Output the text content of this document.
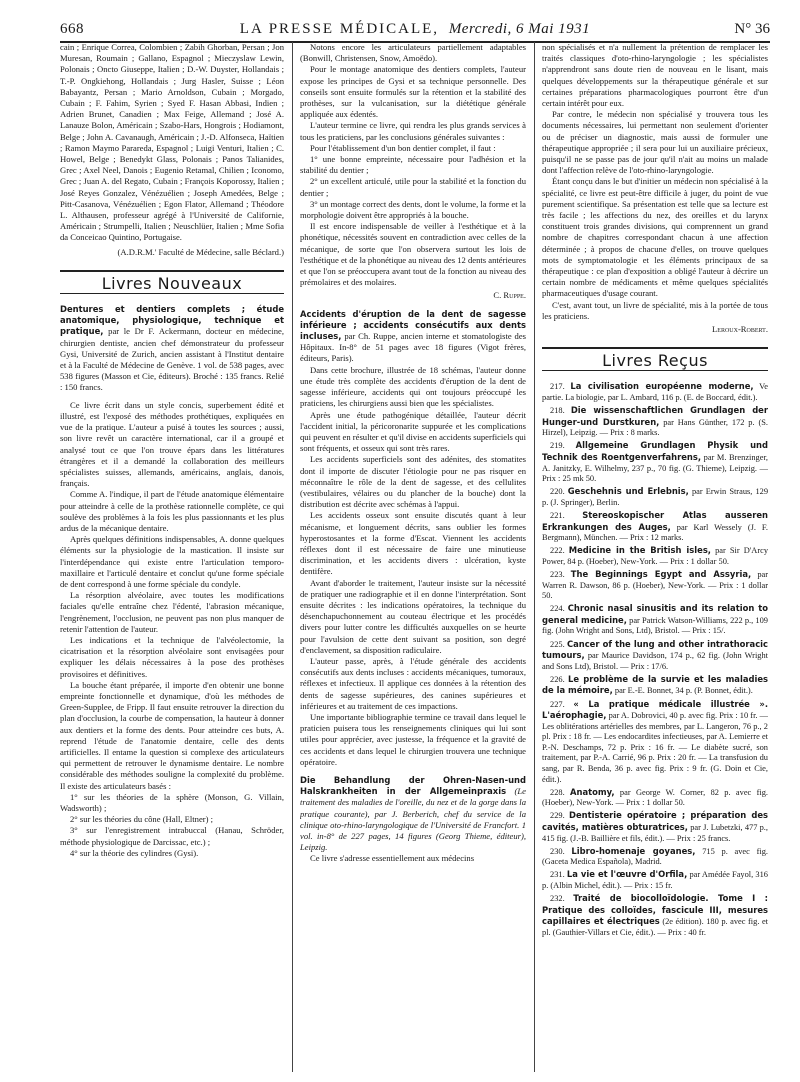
668	LA PRESSE MÉDICALE, Mercredi, 6 Mai 1931	N° 36

cain ; Enrique Correa, Colombien ; Zabih Ghorban, Persan ; Jon Muresan, Roumain ; Gallano, Espagnol ; Mieczyslaw Lewin, Polonais ; Oncto Giuseppe, Italien ; D.-W. Duyster, Hollandais ; T.-P. Ongkiehong, Hollandais ; Jurg Hasler, Suisse ; Léon Babayantz, Persan ; Mario Arnoldson, Cubain ; Morgado, Cubain ; F. Fahim, Syrien ; Syed F. Hasan Abbasi, Indien ; Adrien Brunet, Canadien ; Max Feige, Allemand ; José A. Lanauze Bolon, Américain ; Szabo-Hars, Hongrois ; Hodiamont, Belge ; John A. Cavanaugh, Américain ; J.-D. Alfonseca, Haïtien ; Ramon Maymo Parareda, Espagnol ; Luigi Venturi, Italien ; C. Howel, Belge ; Benedykt Glass, Polonais ; Panos Talianides, Grec ; Axel Neel, Danois ; Eugenio Retamal, Chilien ; Iconomo, Grec ; Juan A. del Regato, Cubain ; François Koporossy, Italien ; José Reyes Gonzalez, Vénézuélien ; Joseph Amedées, Belge ; Pitt-Casanova, Vénézuélien ; Egon Flator, Allemand ; Théodore L. Althausen, professeur agrégé à l'Université de Californie, Américain ; Strumpelli, Italien ; Neuschlüer, Italien ; Mme Sofia da Conceicao Quintino, Portugaise.

(A.D.R.M.' Faculté de Médecine, salle Béclard.)

Livres Nouveaux

Dentures et dentiers complets ; étude anatomique, physiologique, technique et pratique, par le Dr F. Ackermann, docteur en médecine, chirurgien dentiste, ancien chef démonstrateur du professeur Gysi, Université de Zurich, ancien assistant à l'Institut dentaire et à la Faculté de Médecine de Genève. 1 vol. de 538 pages, avec 538 figures (Masson et Cie, éditeurs). Broché : 135 francs. Relié : 150 francs.

Ce livre écrit dans un style concis, superbement édité et illustré, est l'exposé des méthodes prothétiques, expliquées en vue de la pratique. L'auteur a puisé à toutes les sources ; aussi, son livre revêt un caractère international, car il a groupé et analysé tout ce que l'on trouve épars dans les littératures étrangères et il a demandé la collaboration des meilleurs spécialistes suisses, allemands, américains, anglais, danois, français.

Comme A. l'indique, il part de l'étude anatomique élémentaire pour atteindre à celle de la prothèse rationnelle complète, ce qui soulève des problèmes à la fois les plus passionnants et les plus ardus de la mécanique dentaire.

Après quelques définitions indispensables, A. donne quelques éléments sur la physiologie de la mastication. Il insiste sur l'interdépendance qui existe entre l'articulation temporo-maxillaire et l'articulé dentaire et conclut qu'une forme spéciale de dent correspond à une forme spéciale du condyle.

La résorption alvéolaire, avec toutes les modifications faciales qu'elle entraîne chez l'édenté, l'abrasion mécanique, l'engrènement, l'occlusion, ne peuvent pas non plus manquer de retenir l'attention de l'auteur.

Les indications et la technique de l'alvéolectomie, la cicatrisation et la résorption alvéolaire sont envisagées pour expliquer les délais nécessaires à la pose des prothèses provisoires et définitives.

La bouche étant préparée, il importe d'en obtenir une bonne empreinte fonctionnelle et dynamique, d'où les méthodes de Green-Supplee, de Fripp. Il faut ensuite retrouver la direction du plan d'occlusion, la courbe de compensation, la hauteur à donner aux dentiers et la forme des dents. Pour atteindre ces buts, A. reprend l'étude de l'anatomie dentaire, celle des dents artificielles. Il entame la question si complexe des articulateurs qui permettent de retrouver le dynamisme dentaire. Le nombre considérable des méthodes souligne la complexité du problème. Il existe des articulateurs basés :

1° sur les théories de la sphère (Monson, G. Villain, Wadsworth) ;

2° sur les théories du cône (Hall, Eltner) ;

3° sur l'enregistrement intrabuccal (Hanau, Schröder, méthode physiologique de Darcissac, etc.) ;

4° sur la théorie des cylindres (Gysi).

Notons encore les articulateurs partiellement adaptables (Bonwill, Christensen, Snow, Amoëdo).

Pour le montage anatomique des dentiers complets, l'auteur expose les principes de Gysi et sa technique personnelle. Des conseils sont ensuite formulés sur la rétention et la stabilité des prothèses, sur la vulcanisation, sur la diététique générale appliquée aux édentés.

L'auteur termine ce livre, qui rendra les plus grands services à tous les praticiens, par les conclusions générales suivantes :

Pour l'établissement d'un bon dentier complet, il faut :

1° une bonne empreinte, nécessaire pour l'adhésion et la stabilité du dentier ;

2° un excellent articulé, utile pour la stabilité et la fonction du dentier ;

3° un montage correct des dents, dont le volume, la forme et la morphologie doivent être appropriés à la bouche.

Il est encore indispensable de veiller à l'esthétique et à la phonétique, nécessités souvent en contradiction avec celles de la mécanique, de sorte que l'on observera surtout les lois de l'esthétique et de la phonétique au niveau des 12 dents antérieures et que l'on se préoccupera avant tout de la fonction au niveau des prémolaires et des molaires.

C. Ruppe.

Accidents d'éruption de la dent de sagesse inférieure ; accidents consécutifs aux dents incluses, par Ch. Ruppe, ancien interne et stomatologiste des Hôpitaux. In-8° de 51 pages avec 18 figures (Vigot frères, éditeurs, Paris).

Dans cette brochure, illustrée de 18 schémas, l'auteur donne une étude très complète des accidents d'éruption de la dent de sagesse inférieure, accidents qui ont toujours préoccupé les praticiens, les chirurgiens aussi bien que les spécialistes.

Après une étude pathogénique détaillée, l'auteur décrit l'accident initial, la péricoronarite suppurée et les complications qui peuvent en résulter et qu'il divise en accidents superficiels qui sont fréquents, et osseux qui sont très rares.

Les accidents superficiels sont des adénites, des stomatites dont il importe de discuter l'étiologie pour ne pas risquer en méconnaître le rôle de la dent de sagesse, et des cellulites (vestibulaires, vélaires ou du plancher de la bouche) dont la distribution est décrite avec schémas à l'appui.

Les accidents osseux sont ensuite discutés quant à leur mécanisme, et longuement décrits, sans oublier les formes hyperostosantes et la forme d'Escat. Viennent les accidents réflexes dont il est nécessaire de faire une minutieuse discrimination, et les accidents divers : ulcération, kyste dentifère.

Avant d'aborder le traitement, l'auteur insiste sur la nécessité de pratiquer une radiographie et il en donne l'interprétation. Sont ensuite décrites : les indications opératoires, la technique du désenchapuchonnement au couteau électrique et les procédés divers pour lutter contre les difficultés auxquelles on se heurte pour l'avulsion de cette dent suivant sa position, son degré d'enclavement, sa disposition radiculaire.

L'auteur passe, après, à l'étude générale des accidents consécutifs aux dents incluses : accidents mécaniques, tumoraux, réflexes et infectieux. Il applique ces données à la rétention des dents de sagesse supérieures, des canines supérieures et inférieures et au traitement de ces impactions.

Une importante bibliographie termine ce travail dans lequel le praticien puisera tous les renseignements cliniques qui lui sont utiles pour apprécier, avec justesse, la fréquence et la gravité de ces accidents et dans lequel le chirurgien trouvera une technique opératoire.

Die Behandlung der Ohren-Nasen-und Halskrankheiten in der Allgemeinpraxis (Le traitement des maladies de l'oreille, du nez et de la gorge dans la pratique courante), par J. Berberich, chef du service de la clinique oto-rhino-laryngologique de l'Université de Francfort. 1 vol. in-8° de 227 pages, 14 figures (Georg Thieme, éditeur), Leipzig.

Ce livre s'adresse essentiellement aux médecins

non spécialisés et n'a nullement la prétention de remplacer les traités classiques d'oto-rhino-laryngologie ; les spécialistes n'apprendront sans doute rien de nouveau en le lisant, mais quelques développements sur la thérapeutique générale et sur certaines préparations pharmacologiques pourront être d'un certain intérêt pour eux.

Par contre, le médecin non spécialisé y trouvera tous les documents nécessaires, lui permettant non seulement d'orienter ou de préciser un diagnostic, mais aussi de formuler une thérapeutique appropriée ; il sera pour lui un auxiliaire précieux, puisqu'il ne se passe pas de jour qu'il n'ait au moins un malade dont l'affection relève de l'oto-rhino-laryngologie.

Étant conçu dans le but d'initier un médecin non spécialisé à la spécialité, ce livre est peut-être difficile à juger, du point de vue purement scientifique. Sa présentation est telle que sa lecture est très facile ; les affections du nez, des oreilles et du larynx constituent trois grandes divisions, qui comprennent un grand nombre de chapitres correspondant chacun à une affection déterminée ; à propos de chacune d'elles, on trouve quelques mots de symptomatologie et les éléments principaux de sa thérapeutique : ce plan d'exposition a obligé l'auteur à décrire un certain nombre de médicaments et même quelques spécialités pharmaceutiques d'usage courant.

C'est, avant tout, un livre de spécialité, mis à la portée de tous les praticiens.

Leroux-Robert.

Livres Reçus
217. La civilisation européenne moderne, Ve partie. La biologie, par L. Ambard, 116 p. (E. de Boccard, édit.).
218. Die wissenschaftlichen Grundlagen der Hunger-und Durstkuren, par Hans Günther, 172 p. (S. Hirzel), Leipzig. — Prix : 8 marks.
219. Allgemeine Grundlagen Physik und Technik des Roentgenverfahrens, par M. Brenzinger, A. Janitzky, E. Wilhelmy, 237 p., 70 fig. (G. Thieme), Leipzig. — Prix : 25 mk 50.
220. Geschehnis und Erlebnis, par Erwin Straus, 129 p. (J. Springer), Berlin.
221. Stereoskopischer Atlas ausseren Erkrankungen des Auges, par Karl Wessely (J. F. Bergmann), München. — Prix : 12 marks.
222. Medicine in the British isles, par Sir D'Arcy Power, 84 p. (Hoeber), New-York. — Prix : 1 dollar 50.
223. The Beginnings Egypt and Assyria, par Warren R. Dawson, 86 p. (Hoeber), New-York. — Prix : 1 dollar 50.
224. Chronic nasal sinusitis and its relation to general medicine, par Patrick Watson-Williams, 222 p., 109 fig. (John Wright and Sons, Ltd), Bristol. — Prix : 15/.
225. Cancer of the lung and other intrathoracic tumours, par Maurice Davidson, 174 p., 62 fig. (John Wright and Sons Ltd), Bristol. — Prix : 17/6.
226. Le problème de la survie et les maladies de la mémoire, par E.-E. Bonnet, 34 p. (P. Bonnet, édit.).
227. « La pratique médicale illustrée ». L'aérophagie, par A. Dobrovici, 40 p. avec fig. Prix : 10 fr. — Les oblitérations artérielles des membres, par L. Langeron, 76 p., 2 pl. Prix : 18 fr. — Les endocardites infectieuses, par A. Lemierre et P.-N. Deschamps, 72 p. Prix : 16 fr. — Le diabète sucré, son traitement, par P.-A. Carrié, 96 p. Prix : 20 fr. — La transfusion du sang, par R. Benda, 36 p. avec fig. Prix : 9 fr. (G. Doin et Cie, édit.).
228. Anatomy, par George W. Corner, 82 p. avec fig. (Hoeber), New-York. — Prix : 1 dollar 50.
229. Dentisterie opératoire ; préparation des cavités, matières obturatrices, par J. Lubetzki, 477 p., 415 fig. (J.-B. Baillière et fils, édit.). — Prix : 25 francs.
230. Libro-homenaje goyanes, 715 p. avec fig. (Gaceta Medica Española), Madrid.
231. La vie et l'œuvre d'Orfila, par Amédée Fayol, 316 p. (Albin Michel, édit.). — Prix : 15 fr.
232. Traité de biocolloïdologie. Tome I : Pratique des colloïdes, fascicule III, mesures capillaires et électriques (2e édition). 180 p. avec fig. et pl. (Gauthier-Villars et Cie, édit.). — Prix : 40 fr.
